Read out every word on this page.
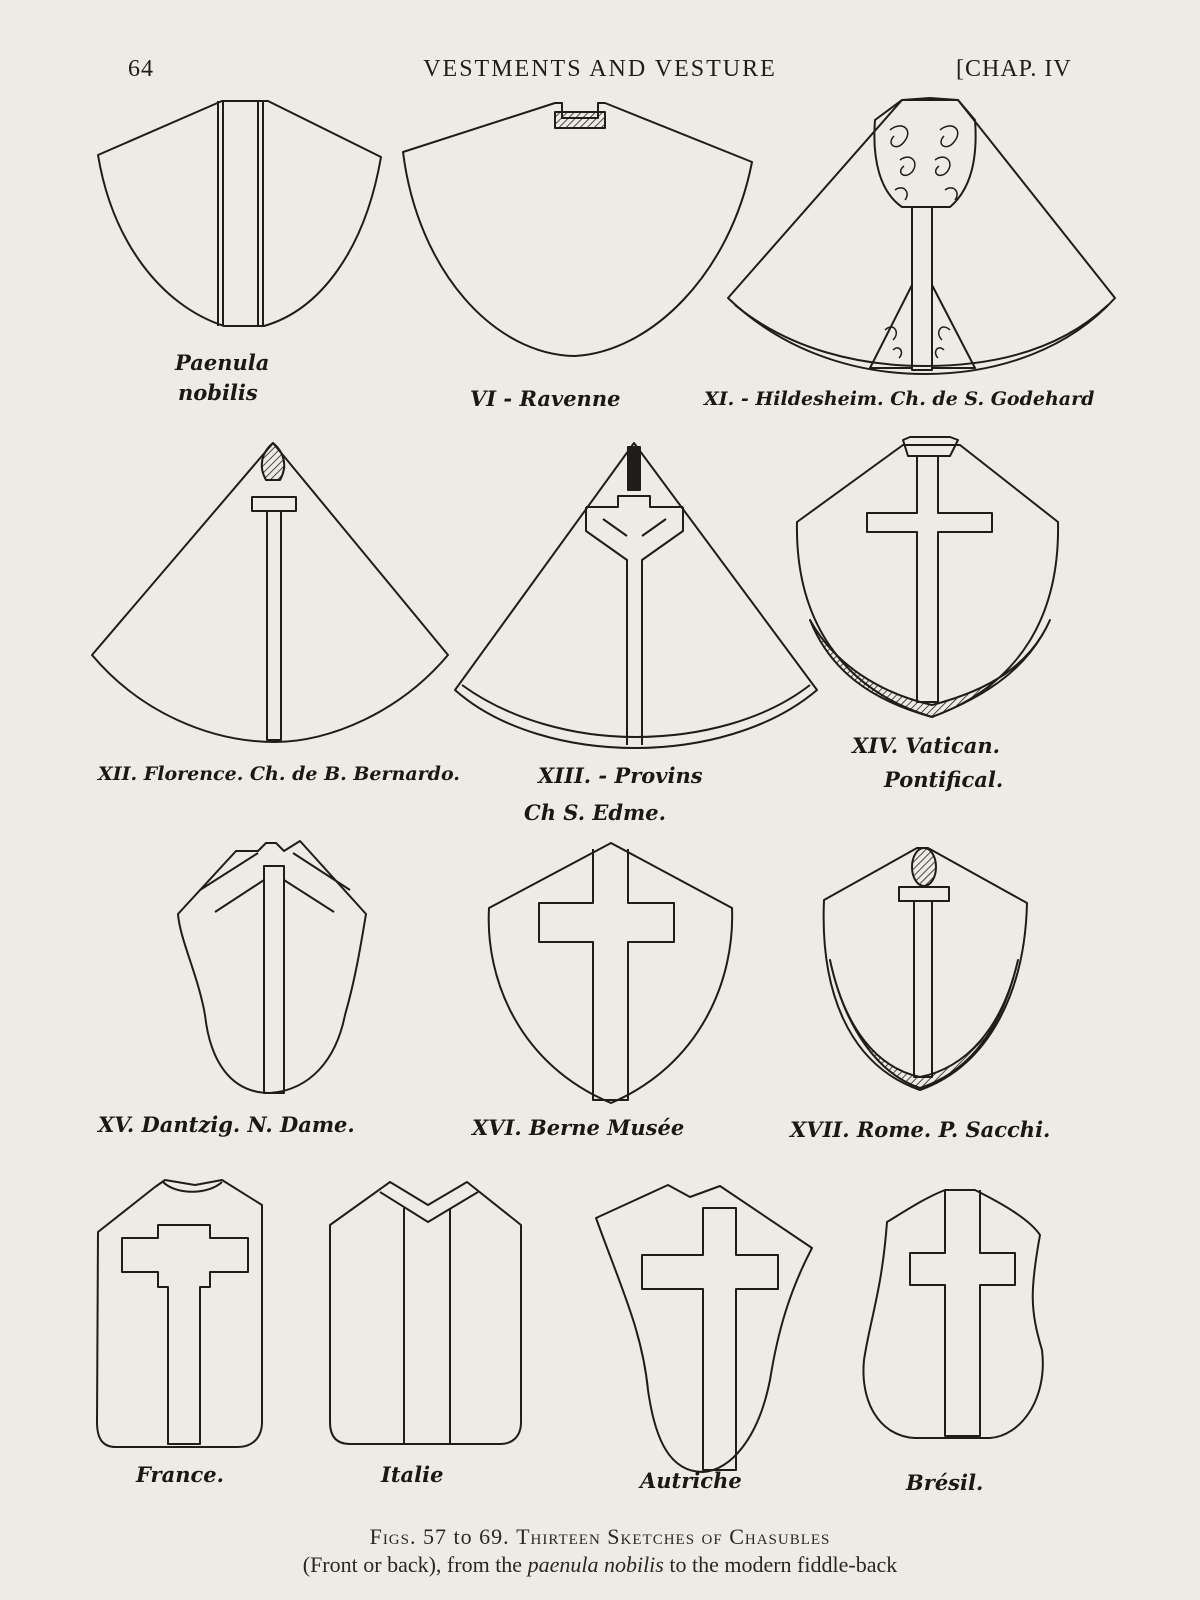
64	VESTMENTS AND VESTURE	[CHAP. IV
Paenula
nobilis	VI - Ravenne	XI. - Hildesheim. Ch. de S. Godehard
XII. Florence. Ch. de B. Bernardo.	XIII. - Provins
Ch S. Edme.
XIV. Vatican.
Pontifical.
XV. Dantzig. N. Dame.	XVI. Berne Musée	XVII. Rome. P. Sacchi.
France.	Italie	Autriche	Brésil.
Figs. 57 to 69. Thirteen Sketches of Chasubles
(Front or back), from the paenula nobilis to the modern fiddle-back
